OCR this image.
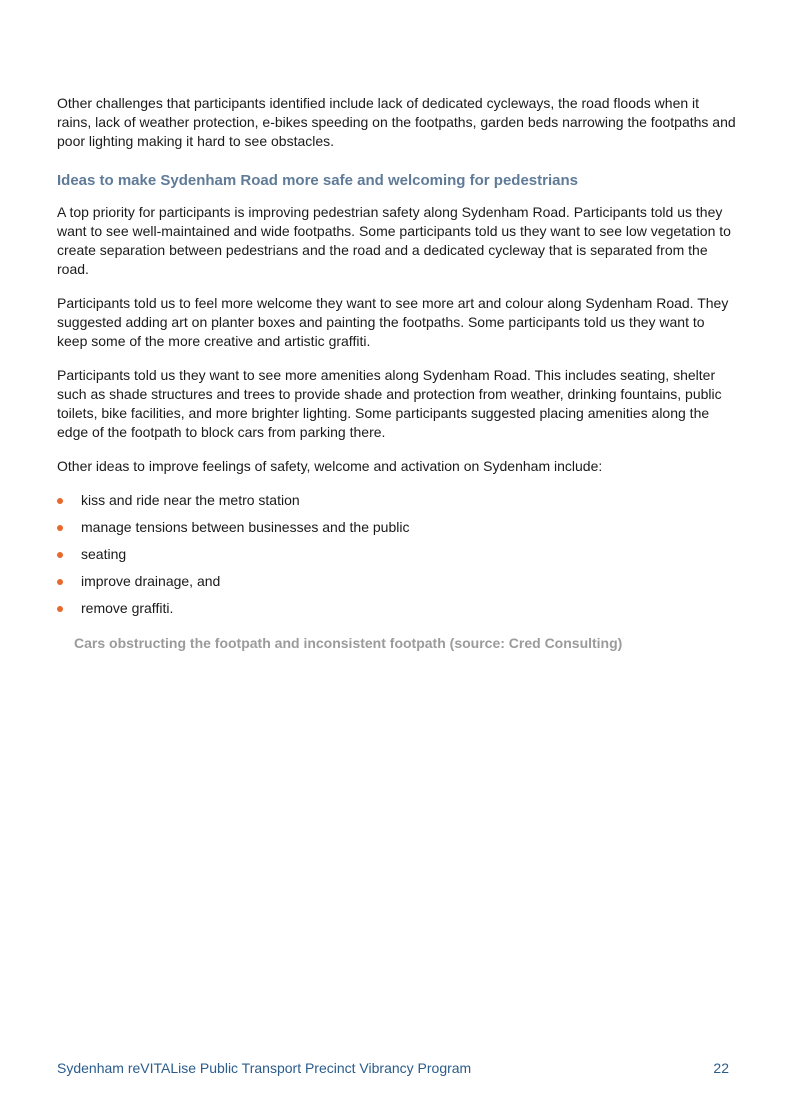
Other challenges that participants identified include lack of dedicated cycleways, the road floods when it rains, lack of weather protection, e-bikes speeding on the footpaths, garden beds narrowing the footpaths and poor lighting making it hard to see obstacles.

Ideas to make Sydenham Road more safe and welcoming for pedestrians

A top priority for participants is improving pedestrian safety along Sydenham Road. Participants told us they want to see well-maintained and wide footpaths. Some participants told us they want to see low vegetation to create separation between pedestrians and the road and a dedicated cycleway that is separated from the road.

Participants told us to feel more welcome they want to see more art and colour along Sydenham Road. They suggested adding art on planter boxes and painting the footpaths. Some participants told us they want to keep some of the more creative and artistic graffiti.

Participants told us they want to see more amenities along Sydenham Road. This includes seating, shelter such as shade structures and trees to provide shade and protection from weather, drinking fountains, public toilets, bike facilities, and more brighter lighting. Some participants suggested placing amenities along the edge of the footpath to block cars from parking there.

Other ideas to improve feelings of safety, welcome and activation on Sydenham include:

kiss and ride near the metro station
manage tensions between businesses and the public
seating
improve drainage, and
remove graffiti.
Cars obstructing the footpath and inconsistent footpath (source: Cred Consulting)
Sydenham reVITALise Public Transport Precinct Vibrancy Program	22
